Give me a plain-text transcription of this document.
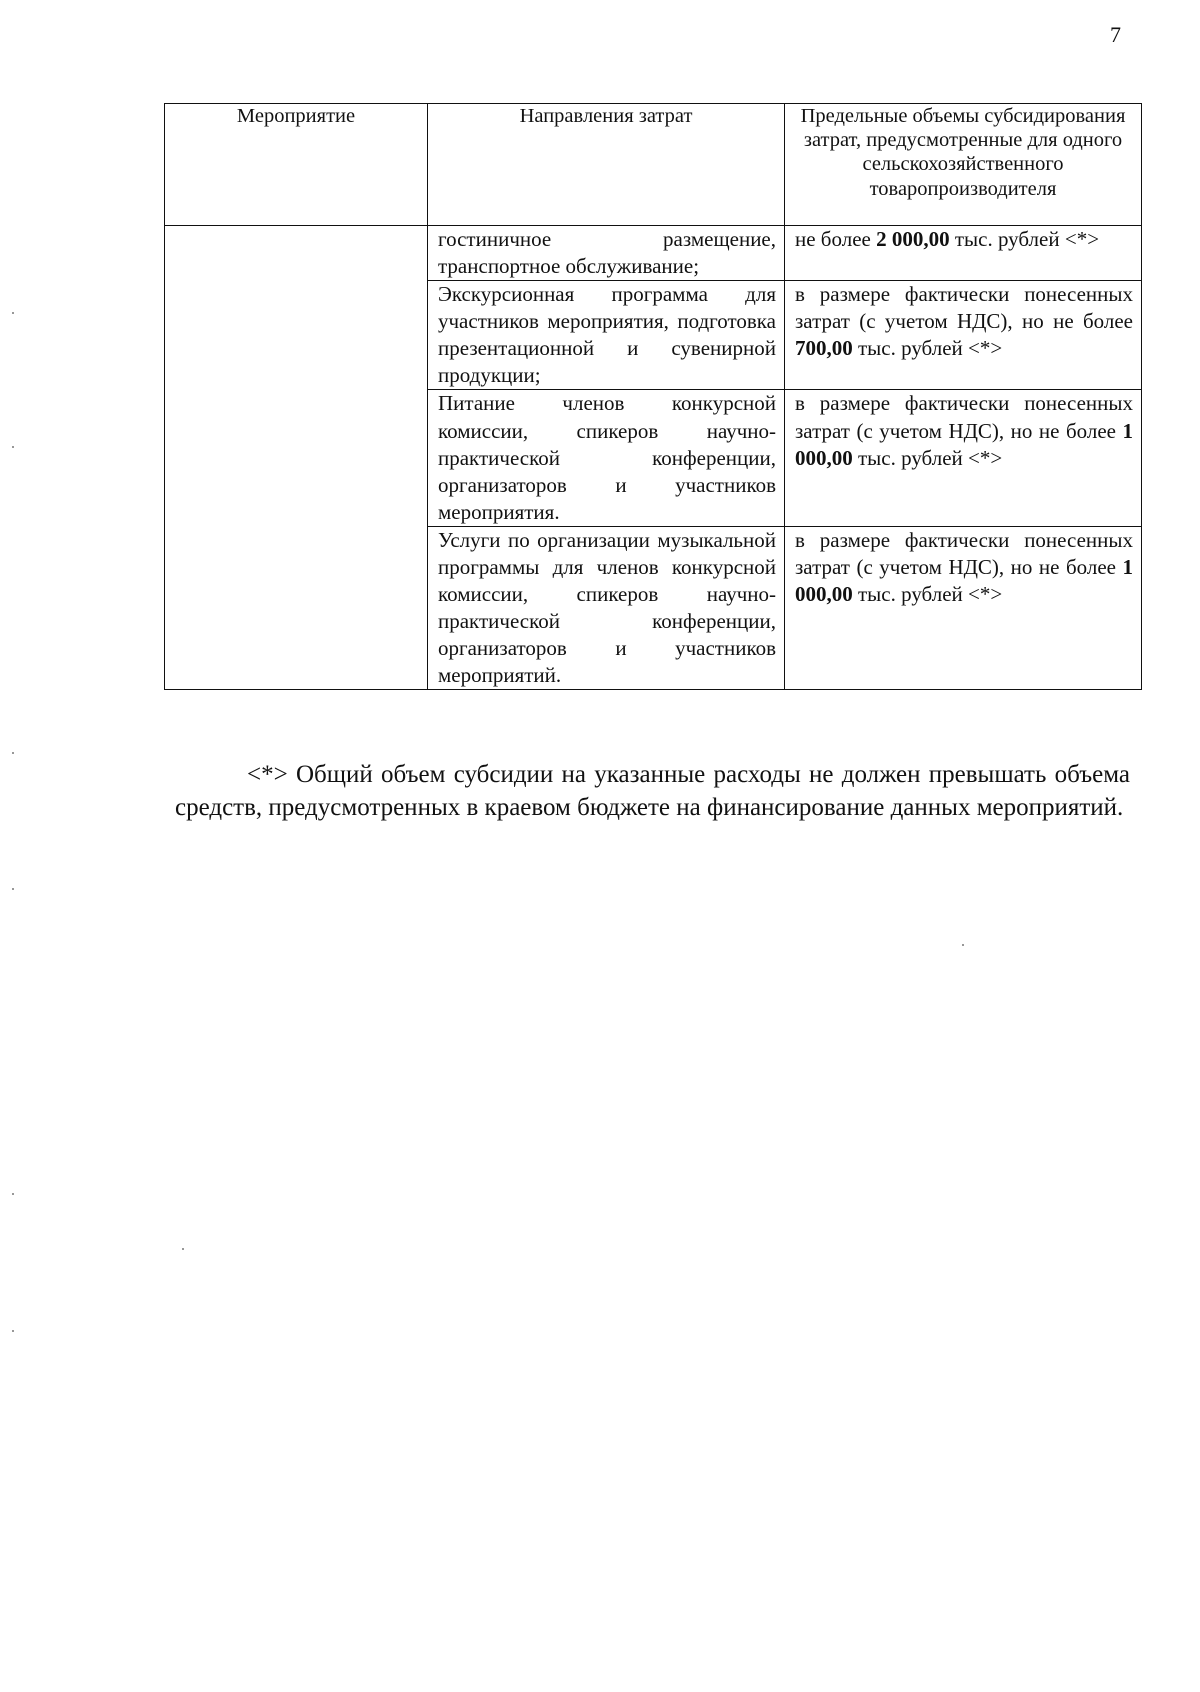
7
Мероприятие	Направления затрат	Предельные объемы субсидирования затрат, предусмотренные для одного сельскохозяйственного товаропроизводителя
	гостиничное размещение, транспортное обслуживание;	не более 2 000,00 тыс. рублей <*>
	Экскурсионная программа для участников мероприятия, подготовка презентационной и сувенирной продукции;	в размере фактически понесенных затрат (с учетом НДС), но не более 700,00 тыс. рублей <*>
	Питание членов конкурсной комиссии, спикеров научно-практической конференции, организаторов и участников мероприятия.	в размере фактически понесенных затрат (с учетом НДС), но не более 1 000,00 тыс. рублей <*>
	Услуги по организации музыкальной программы для членов конкурсной комиссии, спикеров научно-практической конференции, организаторов и участников мероприятий.	в размере фактически понесенных затрат (с учетом НДС), но не более 1 000,00 тыс. рублей <*>

<*> Общий объем субсидии на указанные расходы не должен превышать объема средств, предусмотренных в краевом бюджете на финансирование данных мероприятий.
